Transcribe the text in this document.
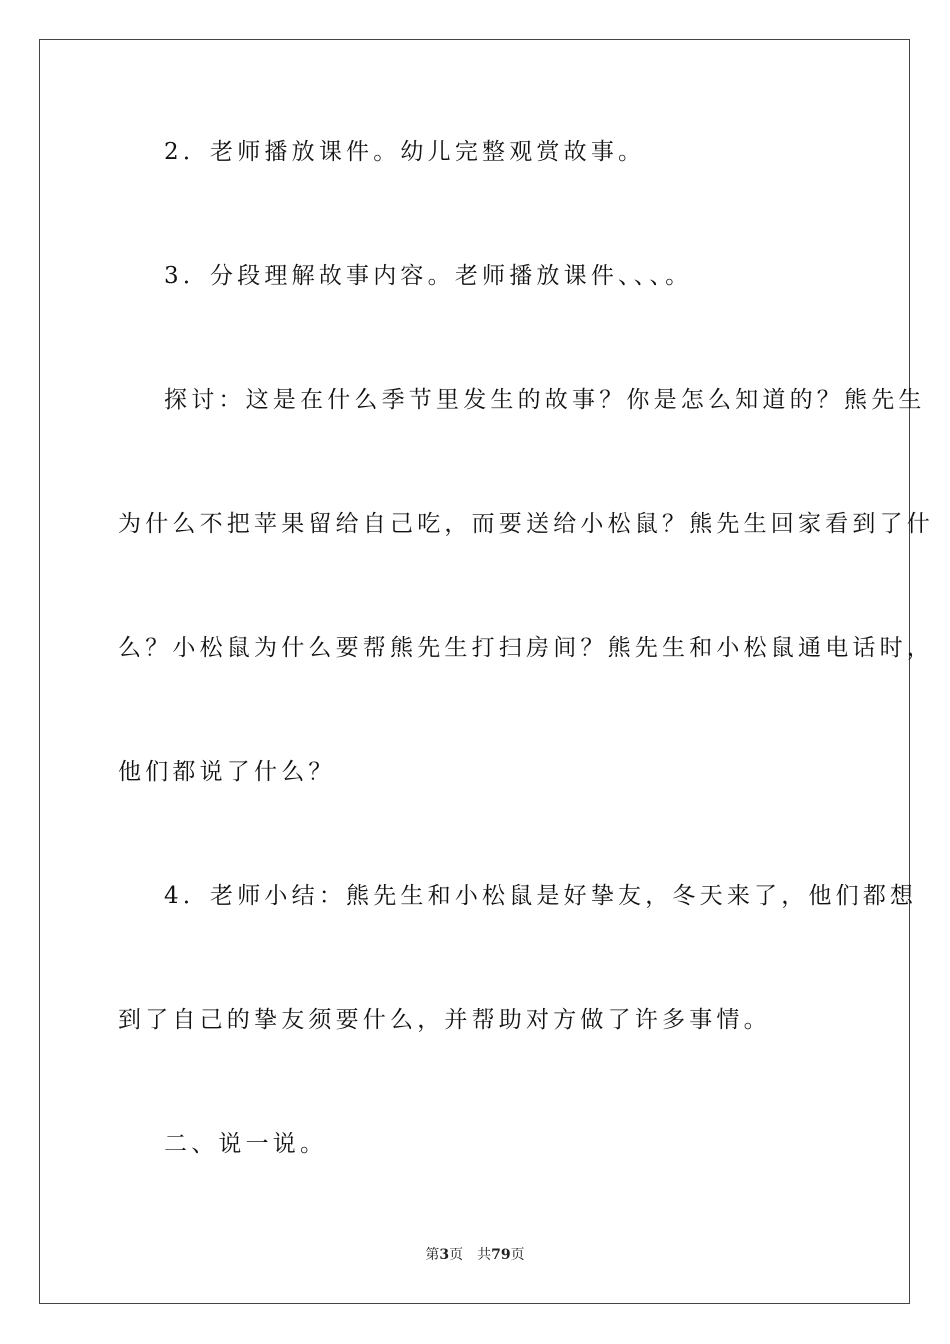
2．老师播放课件。幼儿完整观赏故事。
3．分段理解故事内容。老师播放课件、、、。
探讨：这是在什么季节里发生的故事？你是怎么知道的？熊先生
为什么不把苹果留给自己吃，而要送给小松鼠？熊先生回家看到了什
么？小松鼠为什么要帮熊先生打扫房间？熊先生和小松鼠通电话时，
他们都说了什么？
4．老师小结：熊先生和小松鼠是好挚友，冬天来了，他们都想
到了自己的挚友须要什么，并帮助对方做了许多事情。
二、说一说。
第3页 共79页
